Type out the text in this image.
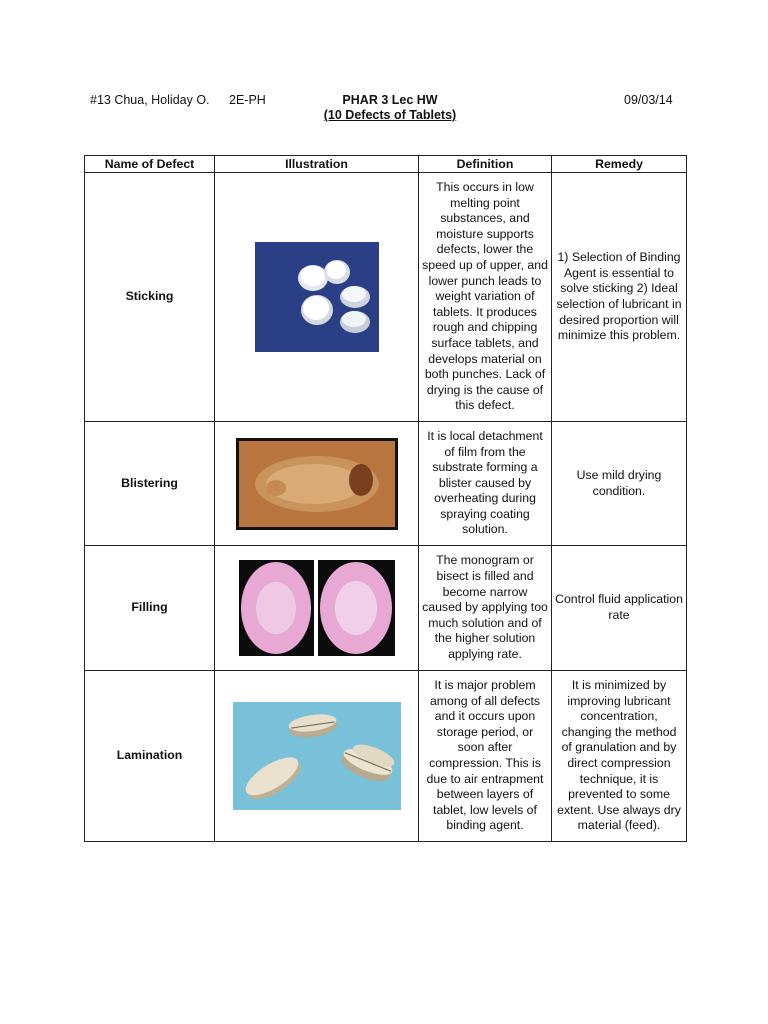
#13 Chua, Holiday O. 2E-PH	PHAR 3 Lec HW
(10 Defects of Tablets)
09/03/14
Name of Defect	Illustration	Definition	Remedy
Sticking		This occurs in low melting point substances, and moisture supports defects, lower the speed up of upper, and lower punch leads to weight variation of tablets. It produces rough and chipping surface tablets, and develops material on both punches. Lack of drying is the cause of this defect.	1) Selection of Binding Agent is essential to solve sticking 2) Ideal selection of lubricant in desired proportion will minimize this problem.
Blistering		It is local detachment of film from the substrate forming a blister caused by overheating during spraying coating solution.	Use mild drying condition.
Filling		The monogram or bisect is filled and become narrow caused by applying too much solution and of the higher solution applying rate.	Control fluid application rate
Lamination		It is major problem among of all defects and it occurs upon storage period, or soon after compression. This is due to air entrapment between layers of tablet, low levels of binding agent.	It is minimized by improving lubricant concentration, changing the method of granulation and by direct compression technique, it is prevented to some extent. Use always dry material (feed).
